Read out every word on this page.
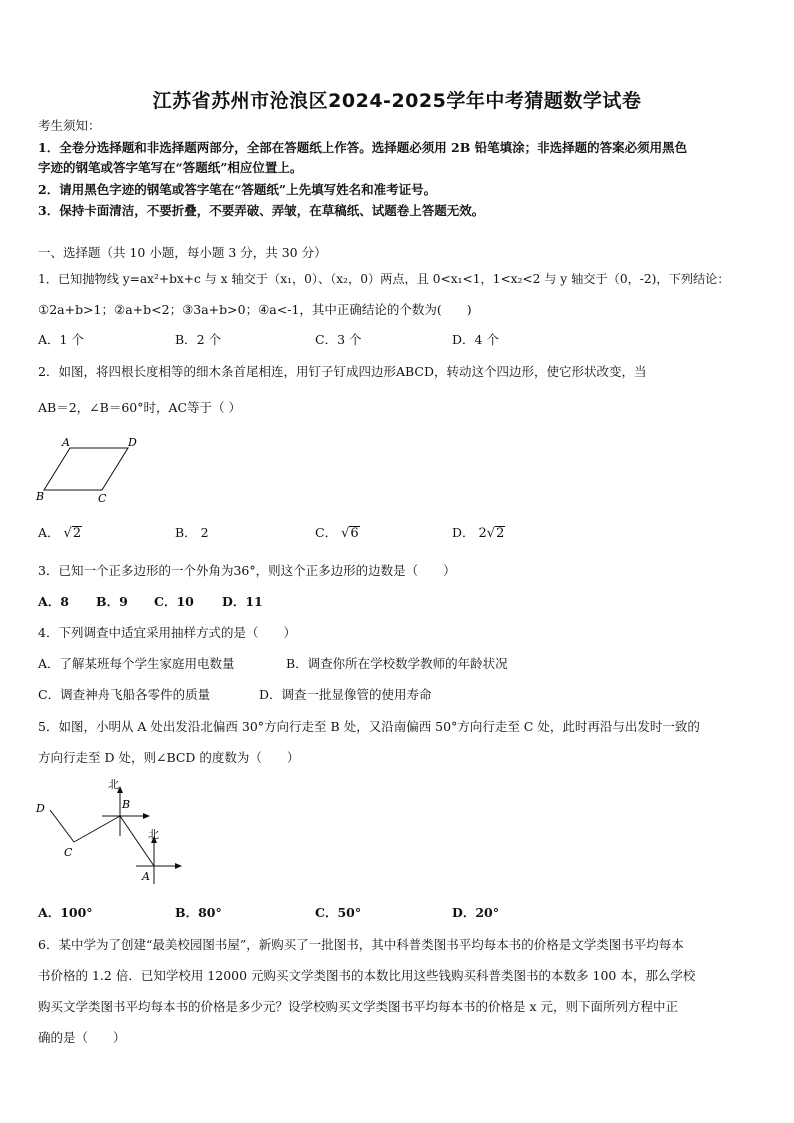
江苏省苏州市沧浪区2024-2025学年中考猜题数学试卷
考生须知：
1．全卷分选择题和非选择题两部分，全部在答题纸上作答。选择题必须用 2B 铅笔填涂；非选择题的答案必须用黑色
字迹的钢笔或答字笔写在“答题纸”相应位置上。
2．请用黑色字迹的钢笔或答字笔在“答题纸”上先填写姓名和准考证号。
3．保持卡面清洁，不要折叠，不要弄破、弄皱，在草稿纸、试题卷上答题无效。
一、选择题（共 10 小题，每小题 3 分，共 30 分）
1．已知抛物线 y=ax²+bx+c 与 x 轴交于（x₁，0）、（x₂，0）两点，且 0<x₁<1，1<x₂<2 与 y 轴交于（0，-2)，下列结论：
①2a+b>1；②a+b<2；③3a+b>0；④a<-1，其中正确结论的个数为(　　)
A．1 个	B．2 个	C．3 个	D．4 个
2．如图，将四根长度相等的细木条首尾相连，用钉子钉成四边形ABCD，转动这个四边形，使它形状改变，当
AB＝2，∠B＝60°时，AC等于（ ）
A	D
B	C
A． √2	B． 2	C． √6	D． 2√2
3．已知一个正多边形的一个外角为36°，则这个正多边形的边数是（　　）
A．8 B．9 C．10 D．11
4．下列调查中适宜采用抽样方式的是（　　）
A．了解某班每个学生家庭用电数量	B．调查你所在学校数学教师的年龄状况
C．调查神舟飞船各零件的质量	D．调查一批显像管的使用寿命
5．如图，小明从 A 处出发沿北偏西 30°方向行走至 B 处，又沿南偏西 50°方向行走至 C 处，此时再沿与出发时一致的
方向行走至 D 处，则∠BCD 的度数为（　　）
北
B
北
A
C
D
A．100°	B．80°	C．50°	D．20°
6．某中学为了创建“最美校园图书屋”，新购买了一批图书，其中科普类图书平均每本书的价格是文学类图书平均每本
书价格的 1.2 倍．已知学校用 12000 元购买文学类图书的本数比用这些钱购买科普类图书的本数多 100 本，那么学校
购买文学类图书平均每本书的价格是多少元？设学校购买文学类图书平均每本书的价格是 x 元，则下面所列方程中正
确的是（　　）
